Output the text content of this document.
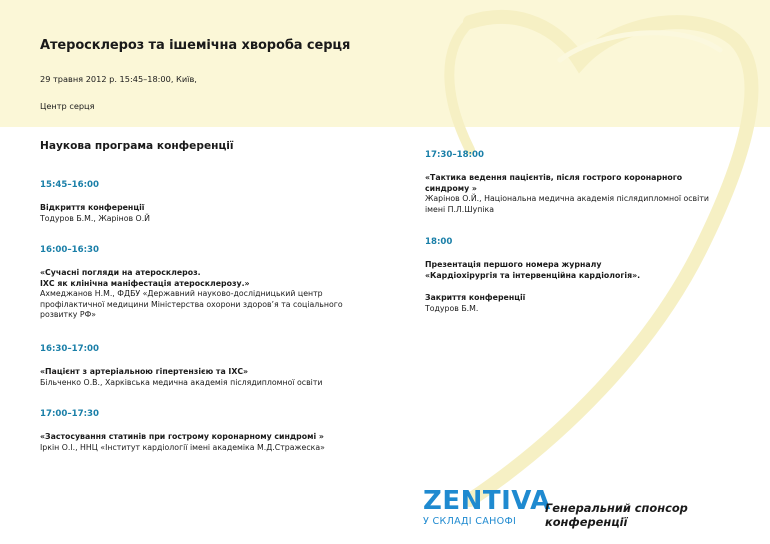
Атеросклероз та ішемічна хвороба серця
29 травня 2012 р. 15:45–18:00, Київ,
Центр серця
Наукова програма конференції
15:45–16:00
Відкриття конференції
Тодуров Б.М., Жарінов О.Й
16:00–16:30
«Сучасні погляди на атеросклероз.
ІХС як клінічна маніфестація атеросклерозу.»
Ахмеджанов Н.М., ФДБУ «Державний науково-дослідницький центр
профілактичної медицини Міністерства охорони здоров’я та соціального
розвитку РФ»
16:30–17:00
«Пацієнт з артеріальною гіпертензією та ІХС»
Більченко О.В., Харківська медична академія післядипломної освіти
17:00–17:30
«Застосування статинів при гострому коронарному синдромі »
Іркін О.І., ННЦ «Інститут кардіології імені академіка М.Д.Стражеска»
17:30–18:00
«Тактика ведення пацієнтів, після гострого коронарного
синдрому »
Жарінов О.Й., Національна медична академія післядипломної освіти
імені П.Л.Шупіка
18:00
Презентація першого номера журналу
«Кардіохірургія та інтервенційна кардіологія».
Закриття конференції
Тодуров Б.М.
ZENTIVA
У СКЛАДІ САНОФІ
Генеральний спонсор конференції
